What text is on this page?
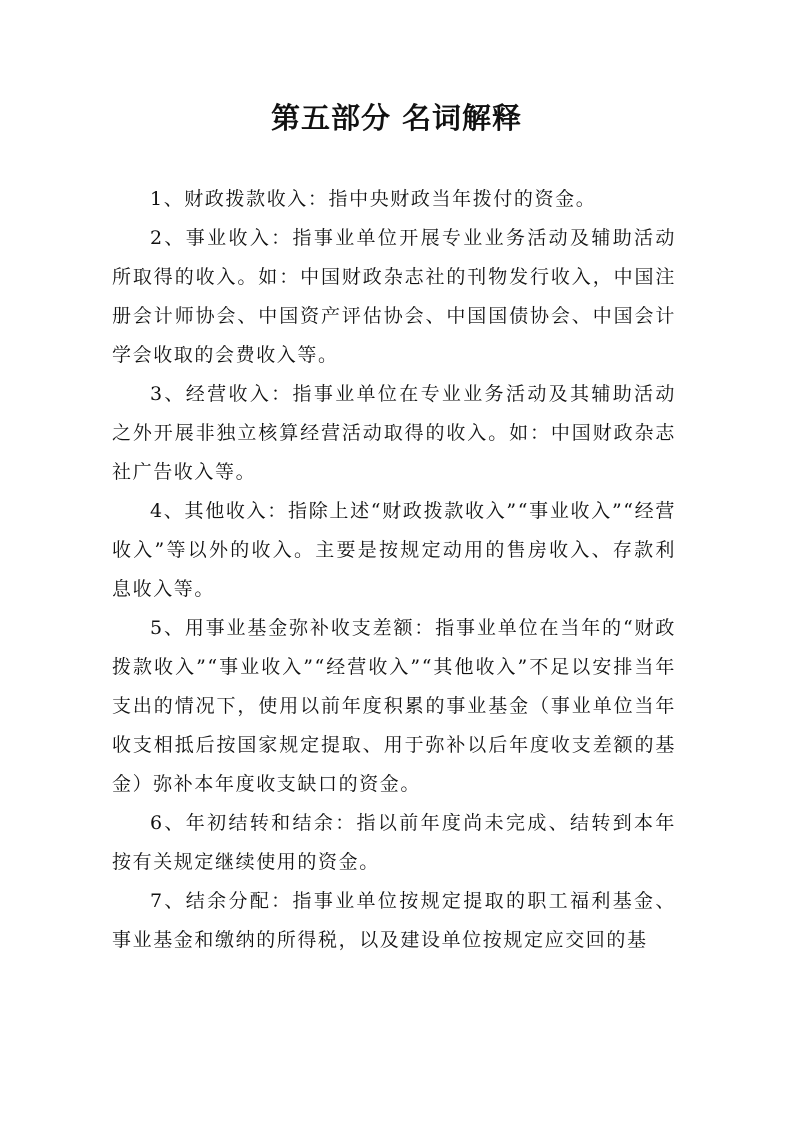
第五部分 名词解释

1、财政拨款收入：指中央财政当年拨付的资金。

2、事业收入：指事业单位开展专业业务活动及辅助活动所取得的收入。如：中国财政杂志社的刊物发行收入，中国注册会计师协会、中国资产评估协会、中国国债协会、中国会计学会收取的会费收入等。

3、经营收入：指事业单位在专业业务活动及其辅助活动之外开展非独立核算经营活动取得的收入。如：中国财政杂志社广告收入等。

4、其他收入：指除上述“财政拨款收入”“事业收入”“经营收入”等以外的收入。主要是按规定动用的售房收入、存款利息收入等。

5、用事业基金弥补收支差额：指事业单位在当年的“财政拨款收入”“事业收入”“经营收入”“其他收入”不足以安排当年支出的情况下，使用以前年度积累的事业基金（事业单位当年收支相抵后按国家规定提取、用于弥补以后年度收支差额的基金）弥补本年度收支缺口的资金。

6、年初结转和结余：指以前年度尚未完成、结转到本年按有关规定继续使用的资金。

7、结余分配：指事业单位按规定提取的职工福利基金、事业基金和缴纳的所得税，以及建设单位按规定应交回的基
